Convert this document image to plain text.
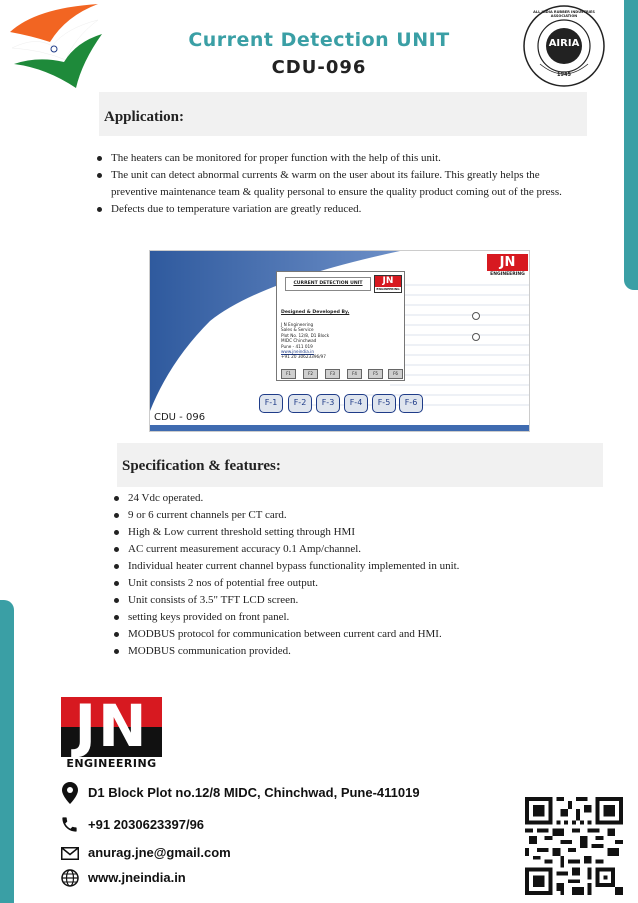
Current Detection UNIT
CDU-096
AIRIA
ALL INDIA RUBBER INDUSTRIES ASSOCIATION
1945
Application:
The heaters can be monitored for proper function with the help of this unit.
The unit can detect abnormal currents & warm on the user about its failure. This greatly helps the preventive maintenance team & quality personal to ensure the quality product coming out of the press.
Defects due to temperature variation are greatly reduced.
JN
ENGINEERING
CURRENT DETECTION UNIT	JN
ENGINEERING
Designed & Developed By,
J N Engineering
Sales & Service
Plot No. 12/8, D1 Block
MIDC Chinchwad
Pune - 411 019
www.jneindia.in
+91 20 30623396/97
F1	F2	F3	F4	F5	F6
F-1	F-2	F-3	F-4	F-5	F-6
CDU - 096
Specification & features:
24 Vdc operated.
9 or 6 current channels per CT card.
High & Low current threshold setting through HMI
AC current measurement accuracy 0.1 Amp/channel.
Individual heater current channel bypass functionality implemented in unit.
Unit consists 2 nos of potential free output.
Unit consists of 3.5" TFT LCD screen.
setting keys provided on front panel.
MODBUS protocol for communication between current card and HMI.
MODBUS communication provided.
JN
ENGINEERING
D1 Block Plot no.12/8 MIDC, Chinchwad, Pune-411019
+91 2030623397/96
anurag.jne@gmail.com
www.jneindia.in
